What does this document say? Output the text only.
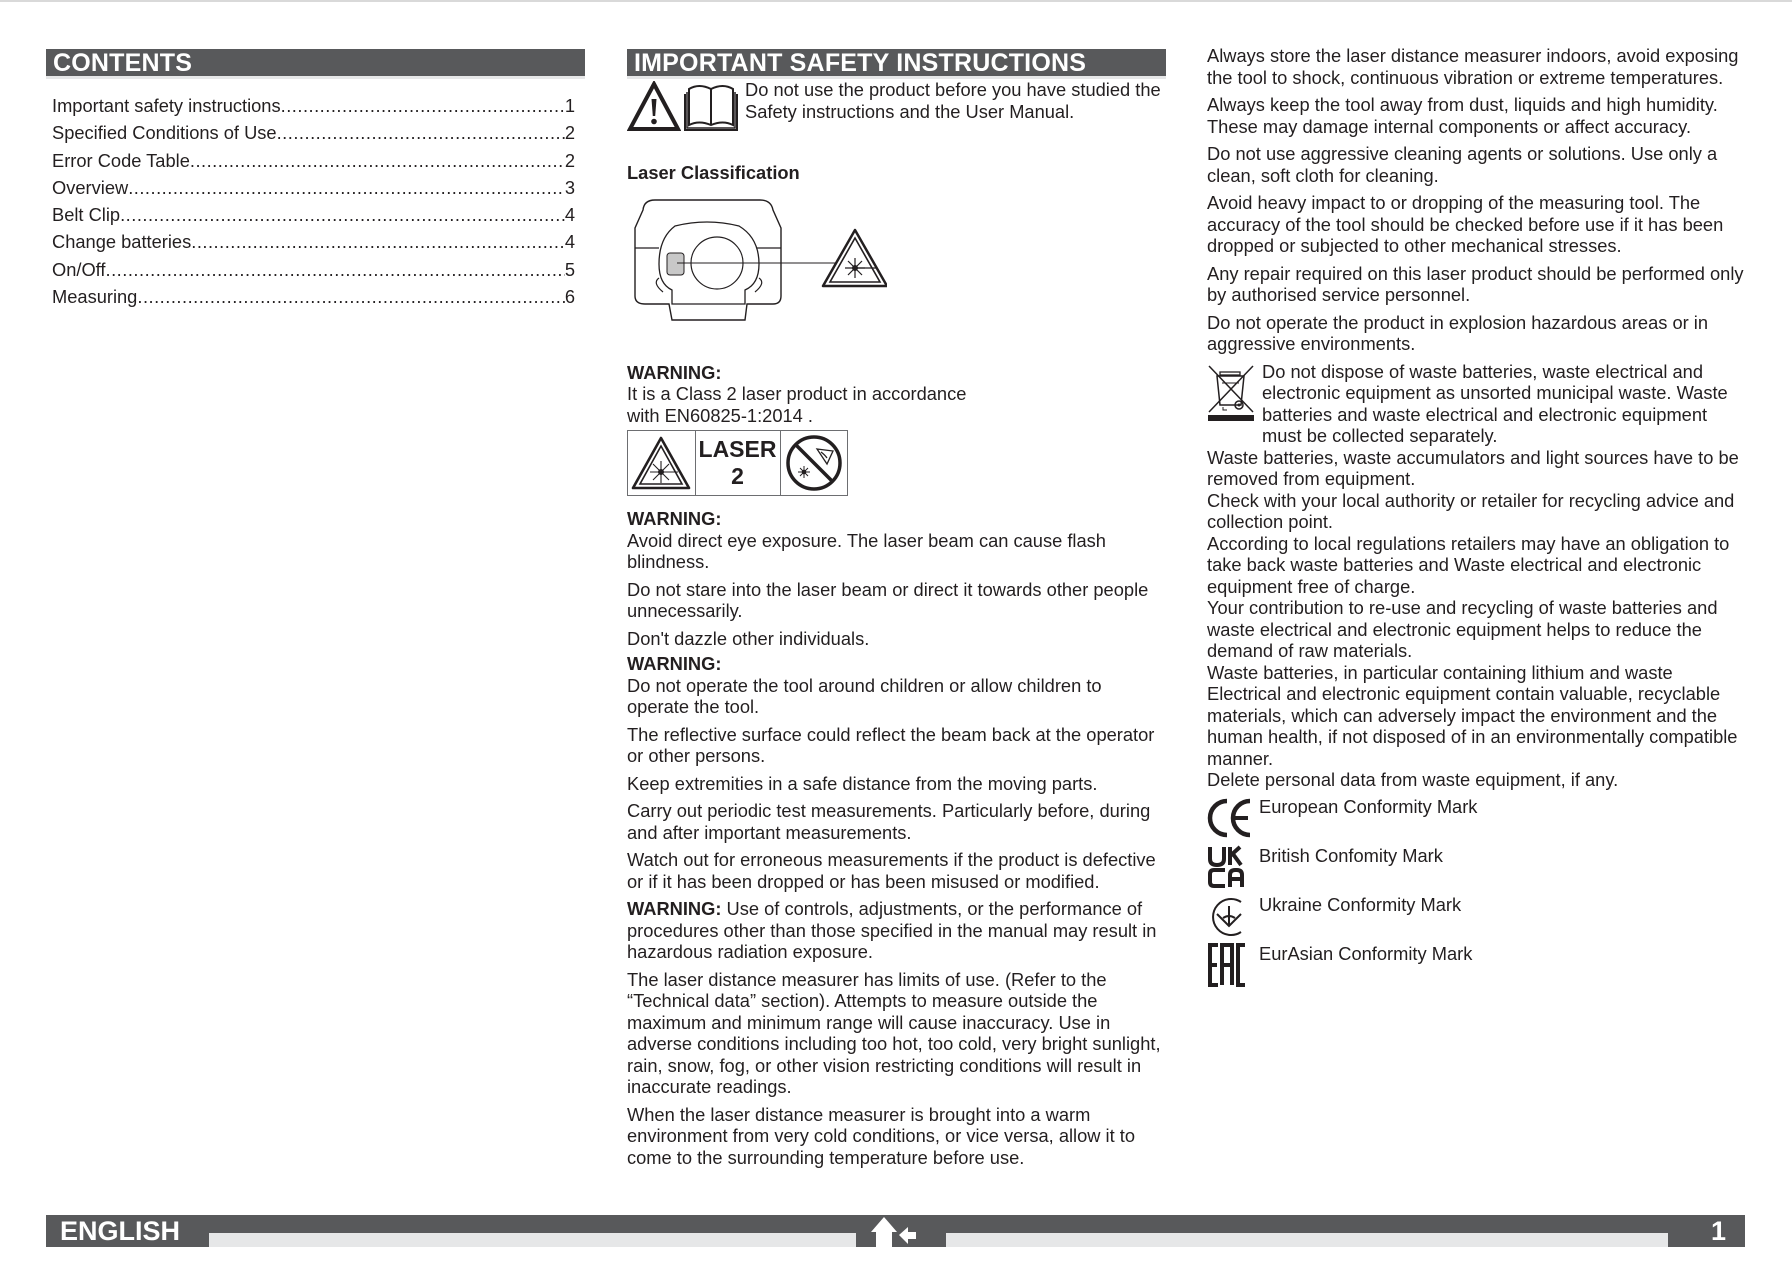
CONTENTS
Important safety instructions .....	1
Specified Conditions of Use .....	2
Error Code Table .....	2
Overview .....	3
Belt Clip .....	4
Change batteries .....	4
On/Off .....	5
Measuring .....	6
IMPORTANT SAFETY INSTRUCTIONS

Do not use the product before you have studied the Safety instructions and the User Manual.

Laser Classification

WARNING:

It is a Class 2 laser product in accordance

with EN60825-1:2014 .

LASER
2

WARNING:

Avoid direct eye exposure. The laser beam can cause flash blindness.

Do not stare into the laser beam or direct it towards other people unnecessarily.

Don't dazzle other individuals.

WARNING:

Do not operate the tool around children or allow children to operate the tool.

The reflective surface could reflect the beam back at the operator or other persons.

Keep extremities in a safe distance from the moving parts.

Carry out periodic test measurements. Particularly before, during and after important measurements.

Watch out for erroneous measurements if the product is defective or if it has been dropped or has been misused or modified.

WARNING: Use of controls, adjustments, or the performance of procedures other than those specified in the manual may result in hazardous radiation exposure.

The laser distance measurer has limits of use. (Refer to the “Technical data” section). Attempts to measure outside the maximum and minimum range will cause inaccuracy. Use in adverse conditions including too hot, too cold, very bright sunlight, rain, snow, fog, or other vision restricting conditions will result in inaccurate readings.

When the laser distance measurer is brought into a warm environment from very cold conditions, or vice versa, allow it to come to the surrounding temperature before use.

Always store the laser distance measurer indoors, avoid exposing the tool to shock, continuous vibration or extreme temperatures.

Always keep the tool away from dust, liquids and high humidity. These may damage internal components or affect accuracy.

Do not use aggressive cleaning agents or solutions. Use only a clean, soft cloth for cleaning.

Avoid heavy impact to or dropping of the measuring tool. The accuracy of the tool should be checked before use if it has been dropped or subjected to other mechanical stresses.

Any repair required on this laser product should be performed only by authorised service personnel.

Do not operate the product in explosion hazardous areas or in aggressive environments.

Do not dispose of waste batteries, waste electrical and electronic equipment as unsorted municipal waste. Waste batteries and waste electrical and electronic equipment must be collected separately.

Waste batteries, waste accumulators and light sources have to be removed from equipment.

Check with your local authority or retailer for recycling advice and collection point.

According to local regulations retailers may have an obligation to take back waste batteries and Waste electrical and electronic equipment free of charge.

Your contribution to re-use and recycling of waste batteries and waste electrical and electronic equipment helps to reduce the demand of raw materials.

Waste batteries, in particular containing lithium and waste Electrical and electronic equipment contain valuable, recyclable materials, which can adversely impact the environment and the human health, if not disposed of in an environmentally compatible manner.

Delete personal data from waste equipment, if any.

European Conformity Mark
British Confomity Mark
Ukraine Conformity Mark
EurAsian Conformity Mark
ENGLISH	1
